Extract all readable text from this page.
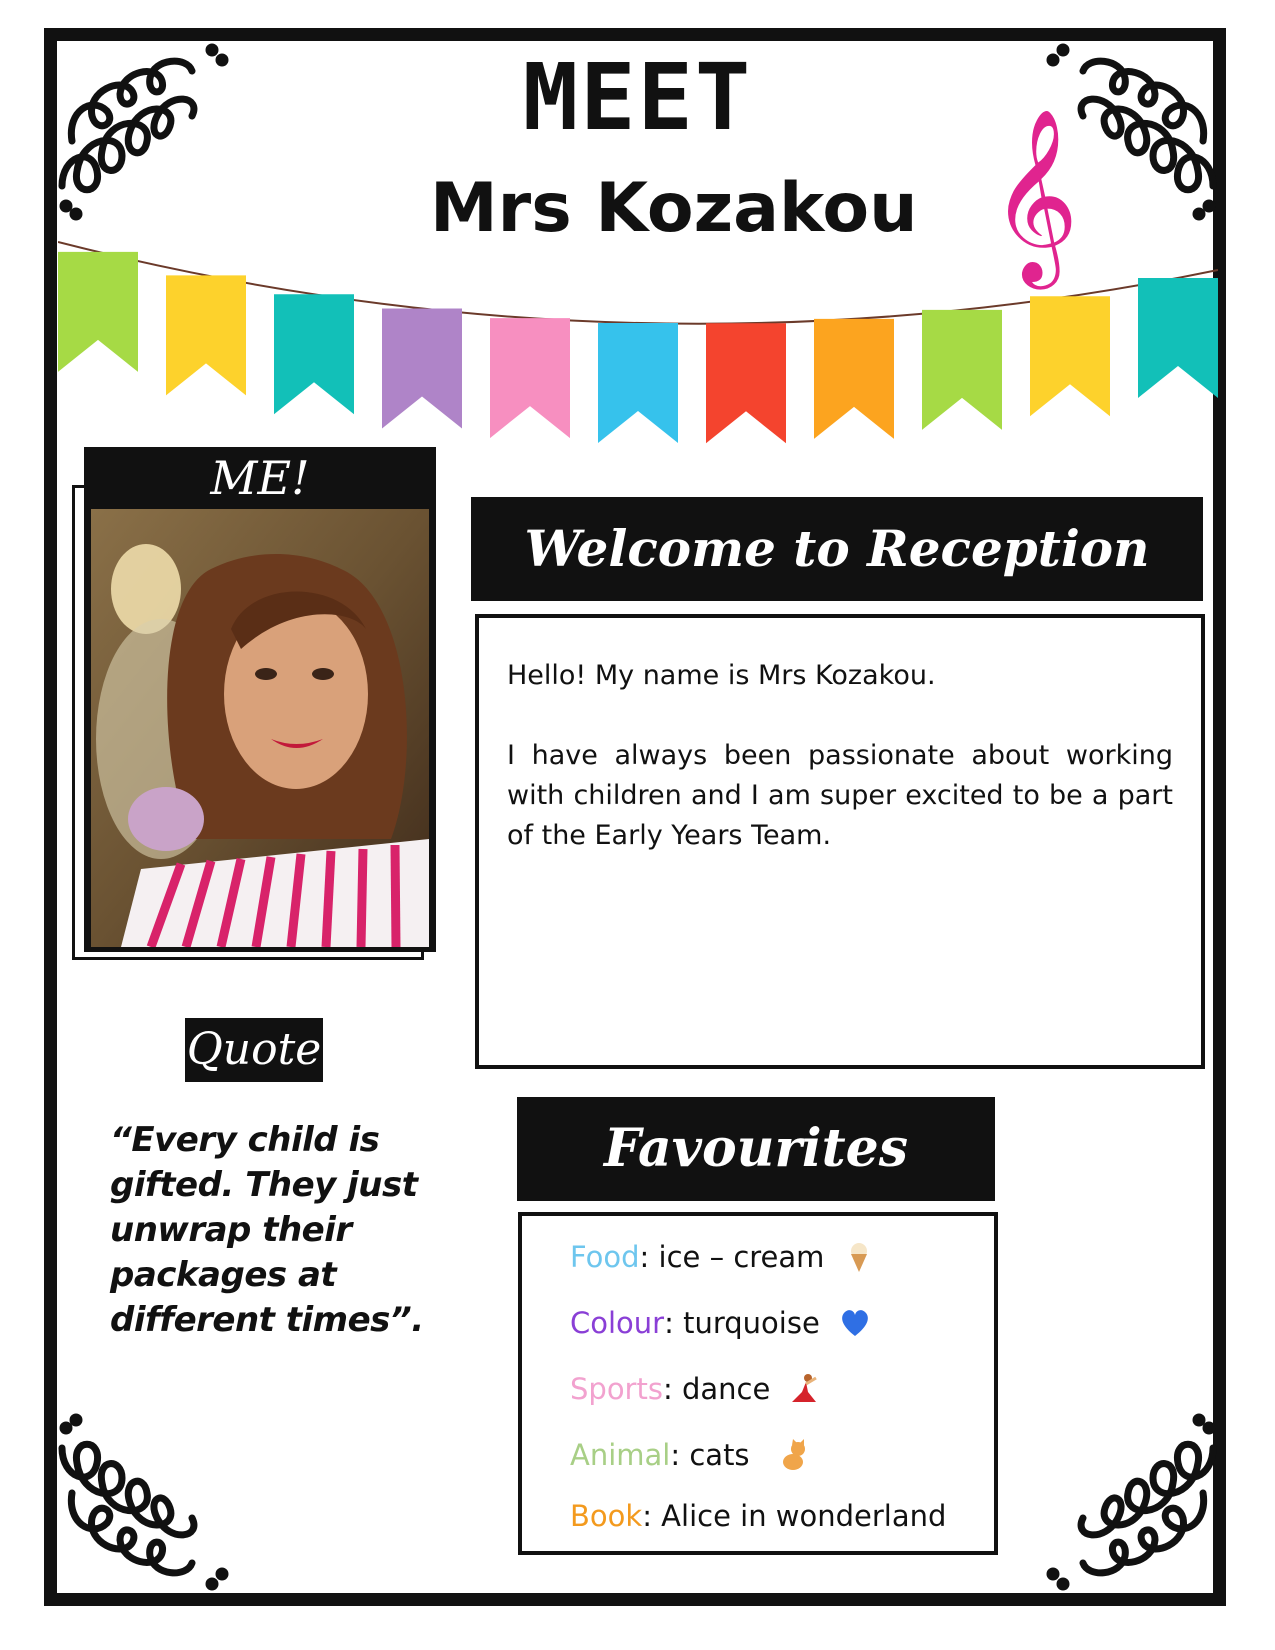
MEET
Mrs Kozakou 𝄞
ME!
Welcome to Reception

Hello! My name is Mrs Kozakou.

I have always been passionate about working with children and I am super excited to be a part of the Early Years Team.

Quote
“Every child is gifted. They just unwrap their packages at different times”.
Favourites
Food : ice – cream
Colour : turquoise
Sports : dance
Animal : cats
Book : Alice in wonderland
